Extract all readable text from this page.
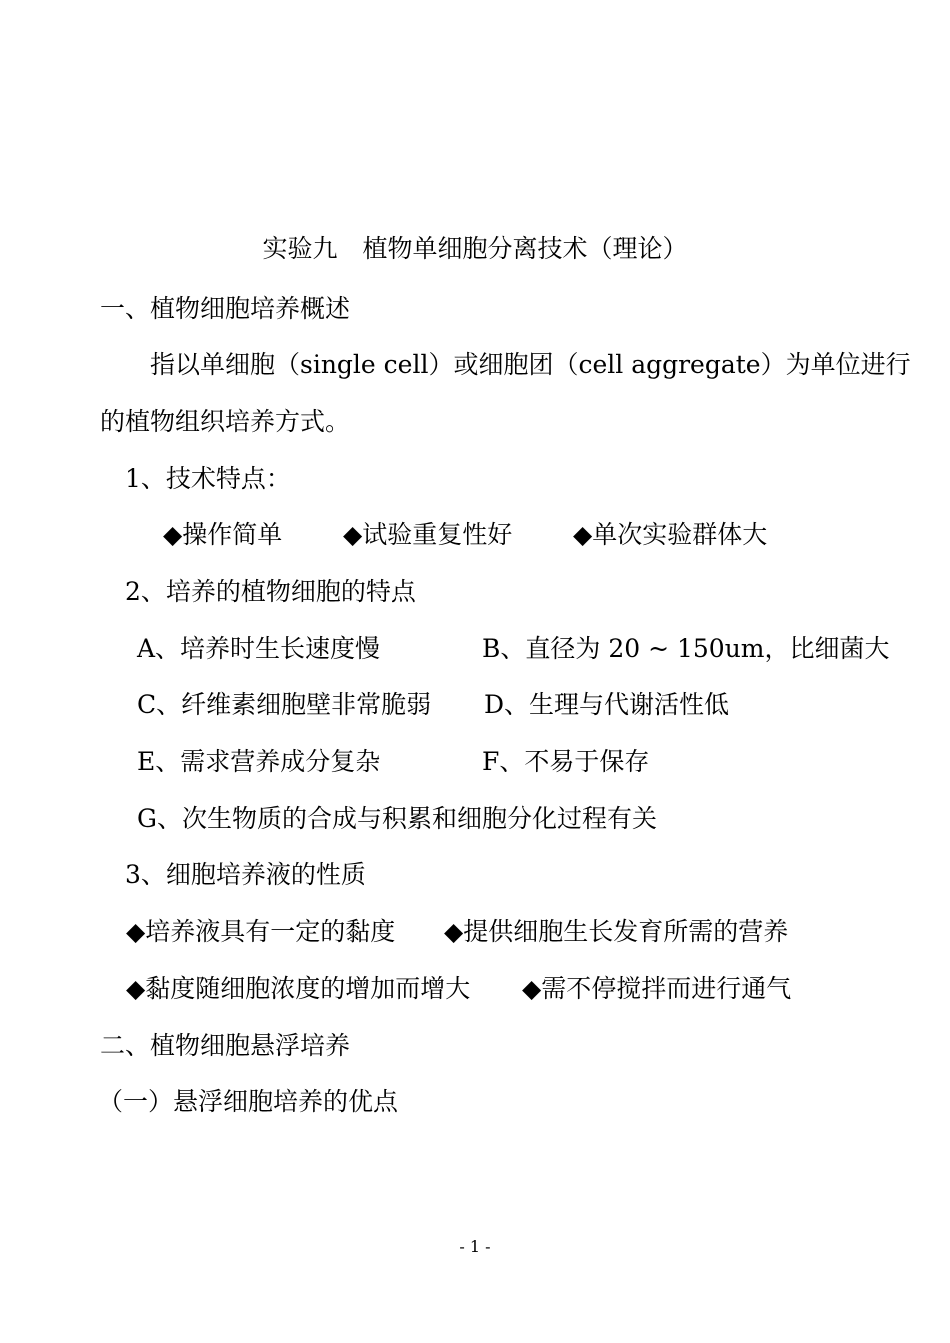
实验九　植物单细胞分离技术（理论）
一、植物细胞培养概述
指以单细胞（single cell）或细胞团（cell aggregate）为单位进行
的植物组织培养方式。
1、技术特点：
◆操作简单 ◆试验重复性好 ◆单次实验群体大
2、培养的植物细胞的特点
A、培养时生长速度慢	B、直径为 20 ~ 150um，比细菌大
C、纤维素细胞壁非常脆弱 D、生理与代谢活性低
E、需求营养成分复杂	F、不易于保存
G、次生物质的合成与积累和细胞分化过程有关
3、细胞培养液的性质
◆培养液具有一定的黏度 ◆提供细胞生长发育所需的营养
◆黏度随细胞浓度的增加而增大 ◆需不停搅拌而进行通气
二、植物细胞悬浮培养
（一）悬浮细胞培养的优点
- 1 -
